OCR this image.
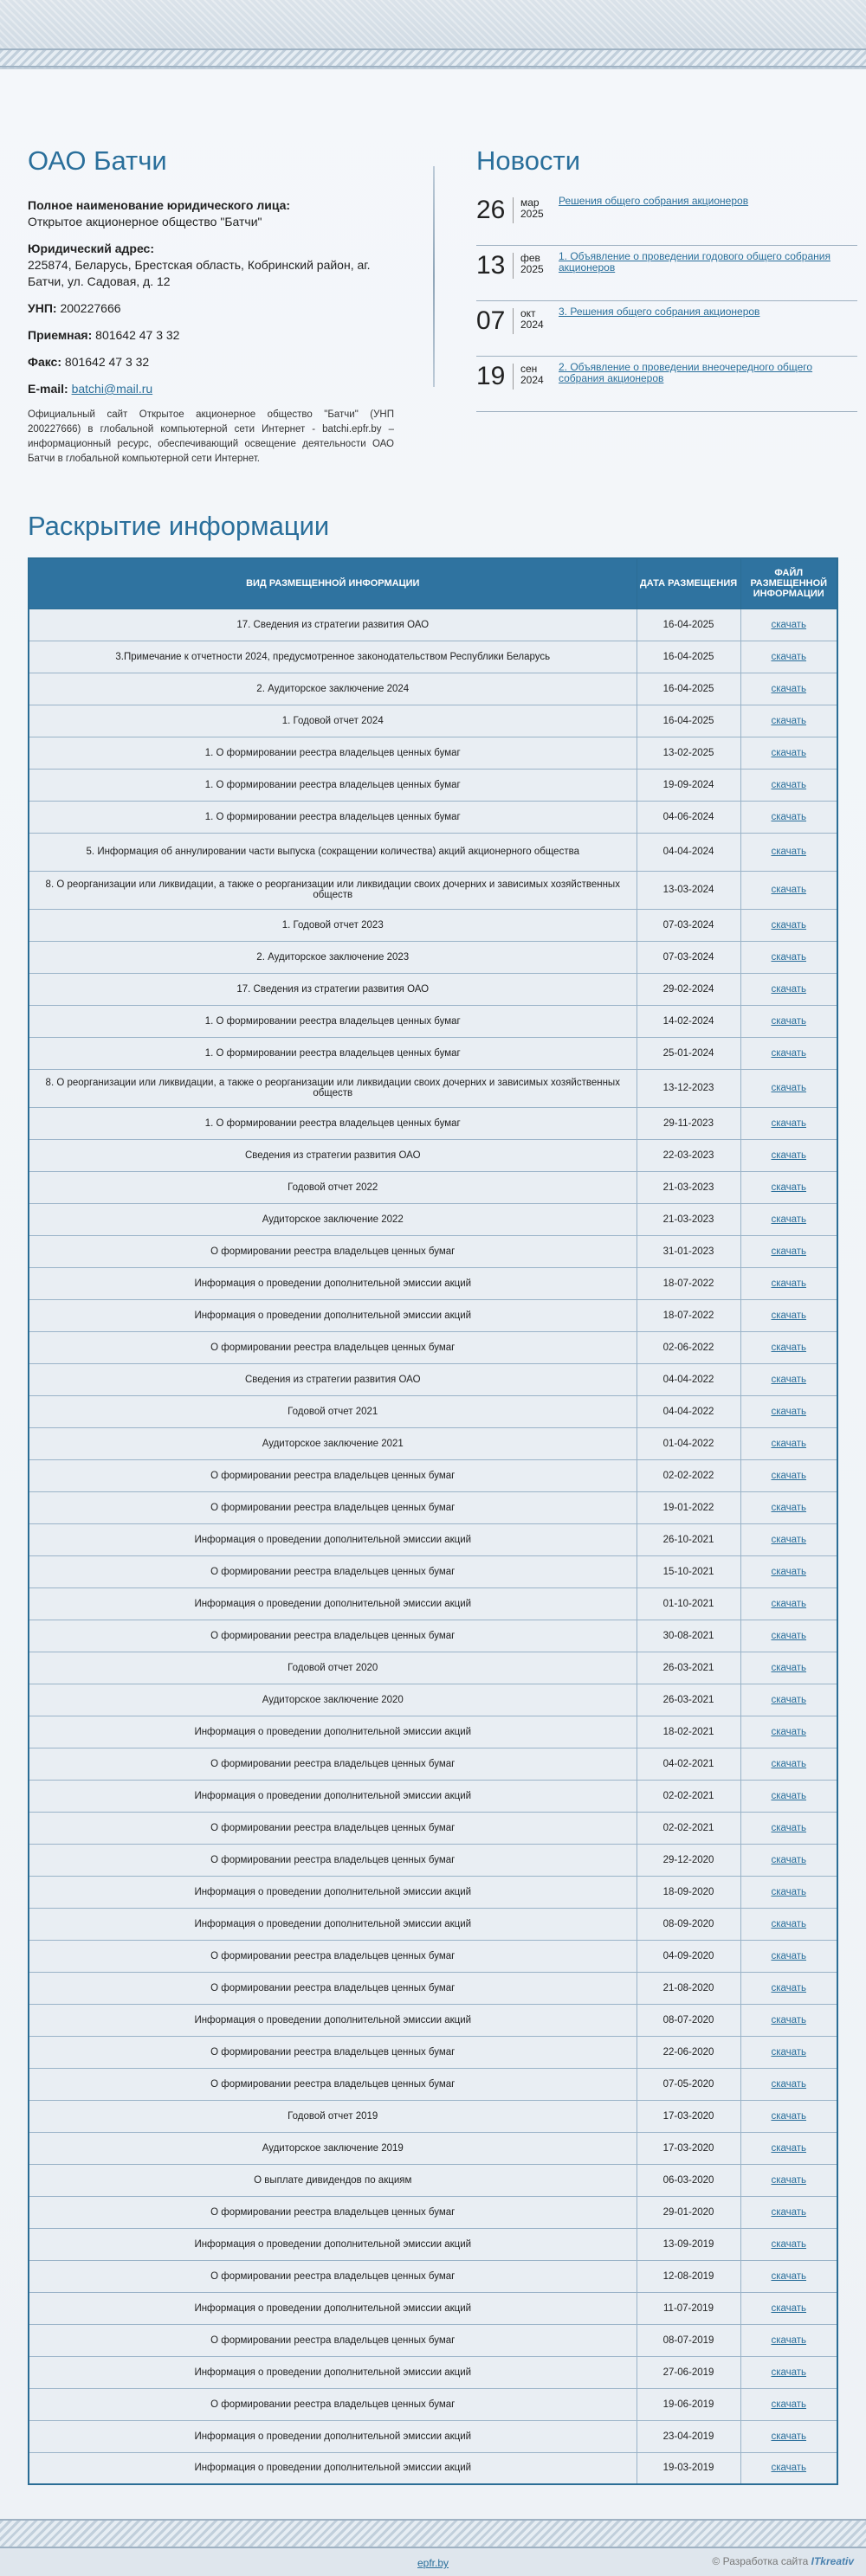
ОАО Батчи
Полное наименование юридического лица:
Открытое акционерное общество "Батчи"
Юридический адрес:
225874, Беларусь, Брестская область, Кобринский район, аг. Батчи, ул. Садовая, д. 12
УНП: 200227666
Приемная: 801642 47 3 32
Факс: 801642 47 3 32
E-mail: batchi@mail.ru

Официальный сайт Открытое акционерное общество "Батчи" (УНП 200227666) в глобальной компьютерной сети Интернет - batchi.epfr.by – информационный ресурс, обеспечивающий освещение деятельности ОАО Батчи в глобальной компьютерной сети Интернет.

Новости
26	мар
2025
Решения общего собрания акционеров
13	фев
2025
1. Объявление о проведении годового общего собрания акционеров
07	окт
2024
3. Решения общего собрания акционеров
19	сен
2024
2. Объявление о проведении внеочередного общего собрания акционеров
Раскрытие информации
ВИД РАЗМЕЩЕННОЙ ИНФОРМАЦИИ	ДАТА РАЗМЕЩЕНИЯ	ФАЙЛ РАЗМЕЩЕННОЙ ИНФОРМАЦИИ
17. Сведения из стратегии развития ОАО	16-04-2025	скачать
3.Примечание к отчетности 2024, предусмотренное законодательством Республики Беларусь	16-04-2025	скачать
2. Аудиторское заключение 2024	16-04-2025	скачать
1. Годовой отчет 2024	16-04-2025	скачать
1. О формировании реестра владельцев ценных бумаг	13-02-2025	скачать
1. О формировании реестра владельцев ценных бумаг	19-09-2024	скачать
1. О формировании реестра владельцев ценных бумаг	04-06-2024	скачать
5. Информация об аннулировании части выпуска (сокращении количества) акций акционерного общества	04-04-2024	скачать
8. О реорганизации или ликвидации, а также о реорганизации или ликвидации своих дочерних и зависимых хозяйственных обществ	13-03-2024	скачать
1. Годовой отчет 2023	07-03-2024	скачать
2. Аудиторское заключение 2023	07-03-2024	скачать
17. Сведения из стратегии развития ОАО	29-02-2024	скачать
1. О формировании реестра владельцев ценных бумаг	14-02-2024	скачать
1. О формировании реестра владельцев ценных бумаг	25-01-2024	скачать
8. О реорганизации или ликвидации, а также о реорганизации или ликвидации своих дочерних и зависимых хозяйственных обществ	13-12-2023	скачать
1. О формировании реестра владельцев ценных бумаг	29-11-2023	скачать
Сведения из стратегии развития ОАО	22-03-2023	скачать
Годовой отчет 2022	21-03-2023	скачать
Аудиторское заключение 2022	21-03-2023	скачать
О формировании реестра владельцев ценных бумаг	31-01-2023	скачать
Информация о проведении дополнительной эмиссии акций	18-07-2022	скачать
Информация о проведении дополнительной эмиссии акций	18-07-2022	скачать
О формировании реестра владельцев ценных бумаг	02-06-2022	скачать
Сведения из стратегии развития ОАО	04-04-2022	скачать
Годовой отчет 2021	04-04-2022	скачать
Аудиторское заключение 2021	01-04-2022	скачать
О формировании реестра владельцев ценных бумаг	02-02-2022	скачать
О формировании реестра владельцев ценных бумаг	19-01-2022	скачать
Информация о проведении дополнительной эмиссии акций	26-10-2021	скачать
О формировании реестра владельцев ценных бумаг	15-10-2021	скачать
Информация о проведении дополнительной эмиссии акций	01-10-2021	скачать
О формировании реестра владельцев ценных бумаг	30-08-2021	скачать
Годовой отчет 2020	26-03-2021	скачать
Аудиторское заключение 2020	26-03-2021	скачать
Информация о проведении дополнительной эмиссии акций	18-02-2021	скачать
О формировании реестра владельцев ценных бумаг	04-02-2021	скачать
Информация о проведении дополнительной эмиссии акций	02-02-2021	скачать
О формировании реестра владельцев ценных бумаг	02-02-2021	скачать
О формировании реестра владельцев ценных бумаг	29-12-2020	скачать
Информация о проведении дополнительной эмиссии акций	18-09-2020	скачать
Информация о проведении дополнительной эмиссии акций	08-09-2020	скачать
О формировании реестра владельцев ценных бумаг	04-09-2020	скачать
О формировании реестра владельцев ценных бумаг	21-08-2020	скачать
Информация о проведении дополнительной эмиссии акций	08-07-2020	скачать
О формировании реестра владельцев ценных бумаг	22-06-2020	скачать
О формировании реестра владельцев ценных бумаг	07-05-2020	скачать
Годовой отчет 2019	17-03-2020	скачать
Аудиторское заключение 2019	17-03-2020	скачать
О выплате дивидендов по акциям	06-03-2020	скачать
О формировании реестра владельцев ценных бумаг	29-01-2020	скачать
Информация о проведении дополнительной эмиссии акций	13-09-2019	скачать
О формировании реестра владельцев ценных бумаг	12-08-2019	скачать
Информация о проведении дополнительной эмиссии акций	11-07-2019	скачать
О формировании реестра владельцев ценных бумаг	08-07-2019	скачать
Информация о проведении дополнительной эмиссии акций	27-06-2019	скачать
О формировании реестра владельцев ценных бумаг	19-06-2019	скачать
Информация о проведении дополнительной эмиссии акций	23-04-2019	скачать
Информация о проведении дополнительной эмиссии акций	19-03-2019	скачать
epfr.by	© Разработка сайта ITkreativ
